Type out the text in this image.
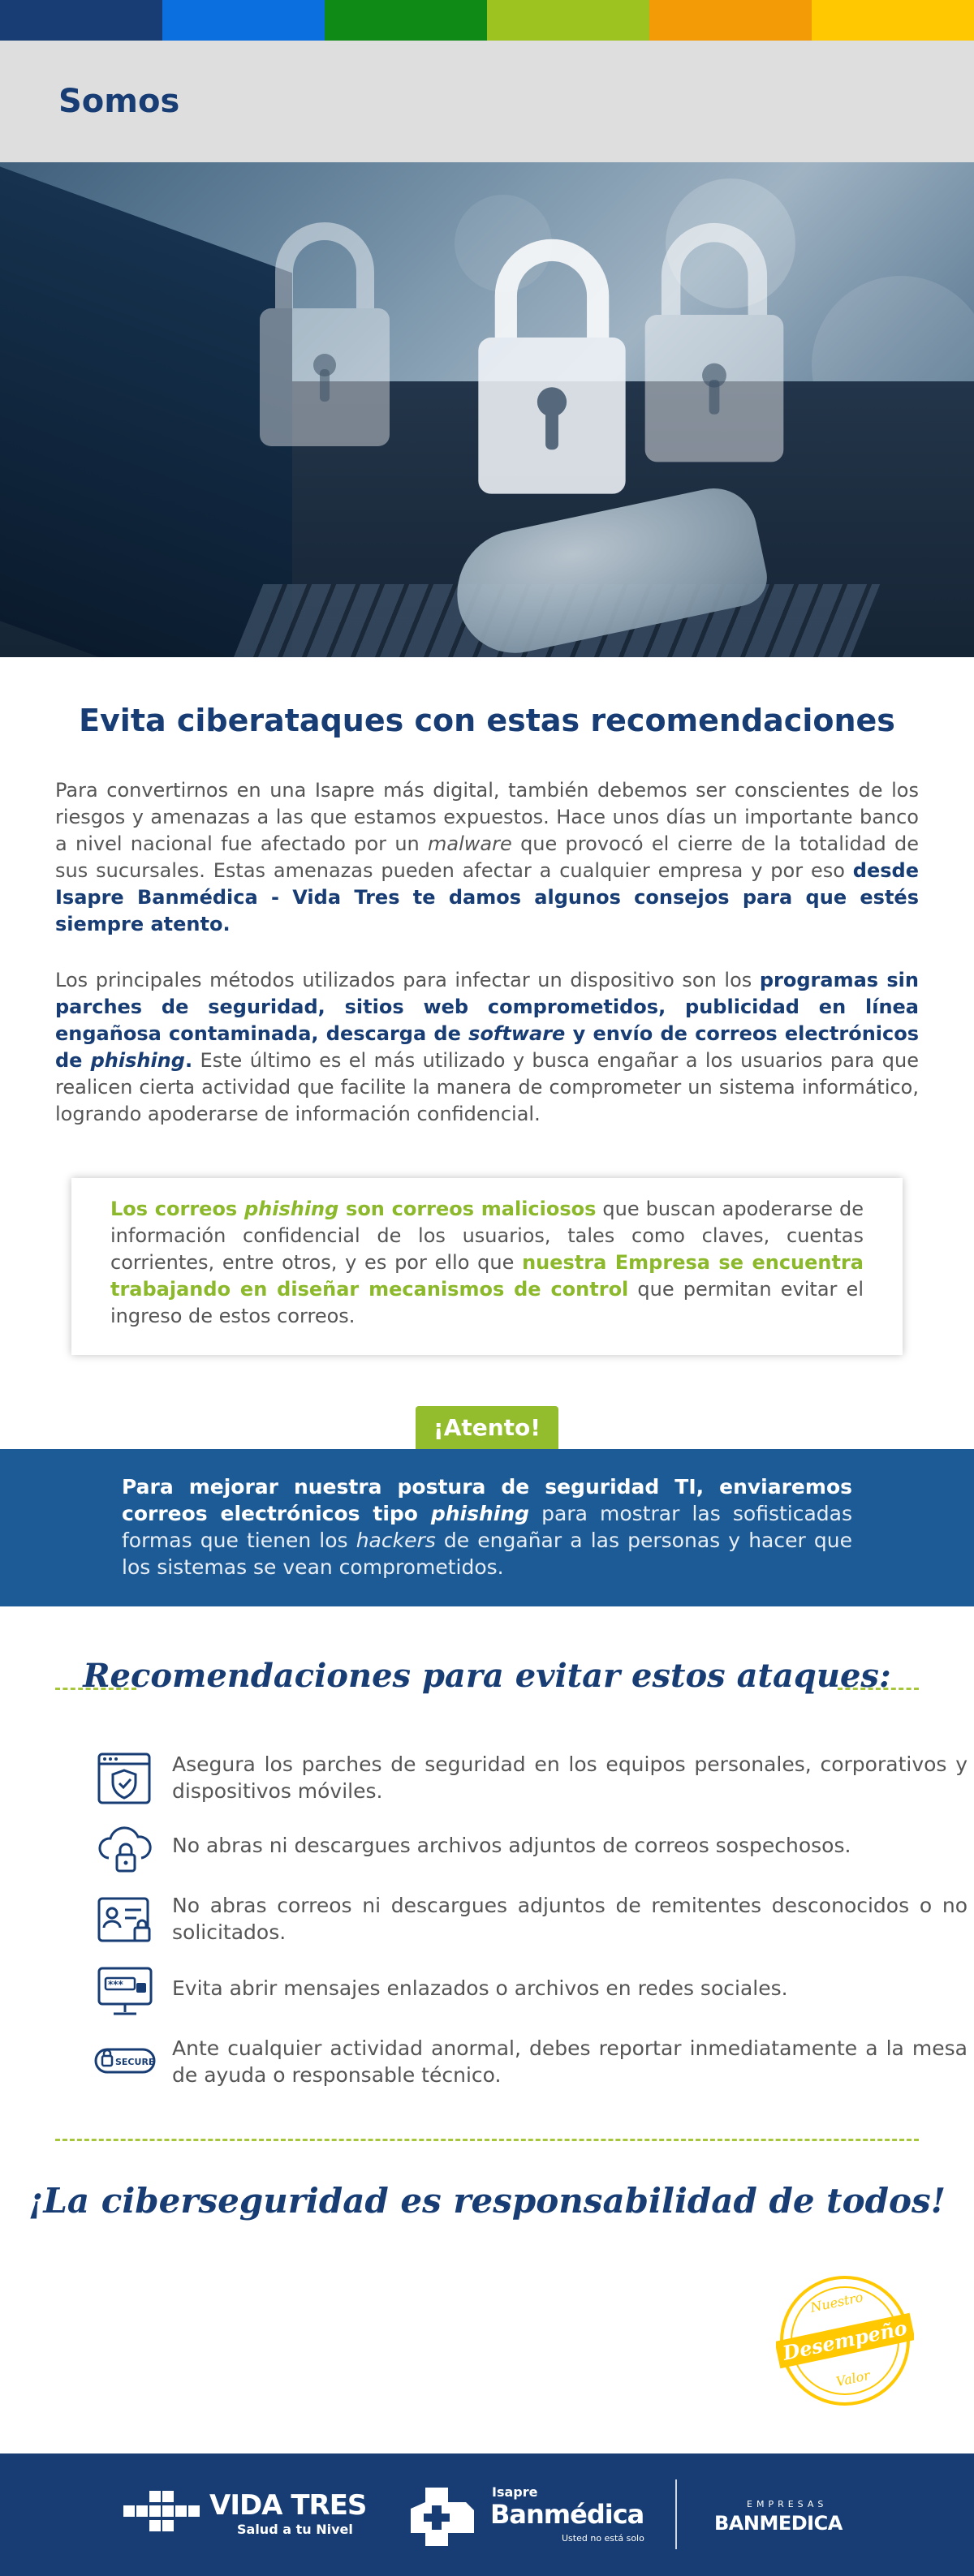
Somos
Evita ciberataques con estas recomendaciones

Para convertirnos en una Isapre más digital, también debemos ser conscientes de los riesgos y amenazas a las que estamos expuestos. Hace unos días un importante banco a nivel nacional fue afectado por un malware que provocó el cierre de la totalidad de sus sucursales. Estas amenazas pueden afectar a cualquier empresa y por eso desde Isapre Banmédica - Vida Tres te damos algunos consejos para que estés siempre atento.

Los principales métodos utilizados para infectar un dispositivo son los programas sin parches de seguridad, sitios web comprometidos, publicidad en línea engañosa contaminada, descarga de software y envío de correos electrónicos de phishing. Este último es el más utilizado y busca engañar a los usuarios para que realicen cierta actividad que facilite la manera de comprometer un sistema informático, logrando apoderarse de información confidencial.

Los correos phishing son correos maliciosos que buscan apoderarse de información confidencial de los usuarios, tales como claves, cuentas corrientes, entre otros, y es por ello que nuestra Empresa se encuentra trabajando en diseñar mecanismos de control que permitan evitar el ingreso de estos correos.
¡Atento!

Para mejorar nuestra postura de seguridad TI, enviaremos correos electrónicos tipo phishing para mostrar las sofisticadas formas que tienen los hackers de engañar a las personas y hacer que los sistemas se vean comprometidos.

Recomendaciones para evitar estos ataques:
Asegura los parches de seguridad en los equipos personales, corporativos y dispositivos móviles.
No abras ni descargues archivos adjuntos de correos sospechosos.
No abras correos ni descargues adjuntos de remitentes desconocidos o no solicitados.
*** Evita abrir mensajes enlazados o archivos en redes sociales.
SECURE
Ante cualquier actividad anormal, debes reportar inmediatamente a la mesa de ayuda o responsable técnico.
¡La ciberseguridad es responsabilidad de todos!
Nuestro
Desempeño
Valor
VIDA TRES
Salud a tu Nivel
Isapre
Banmédica
Usted no está solo
EMPRESAS
BANMEDICA
